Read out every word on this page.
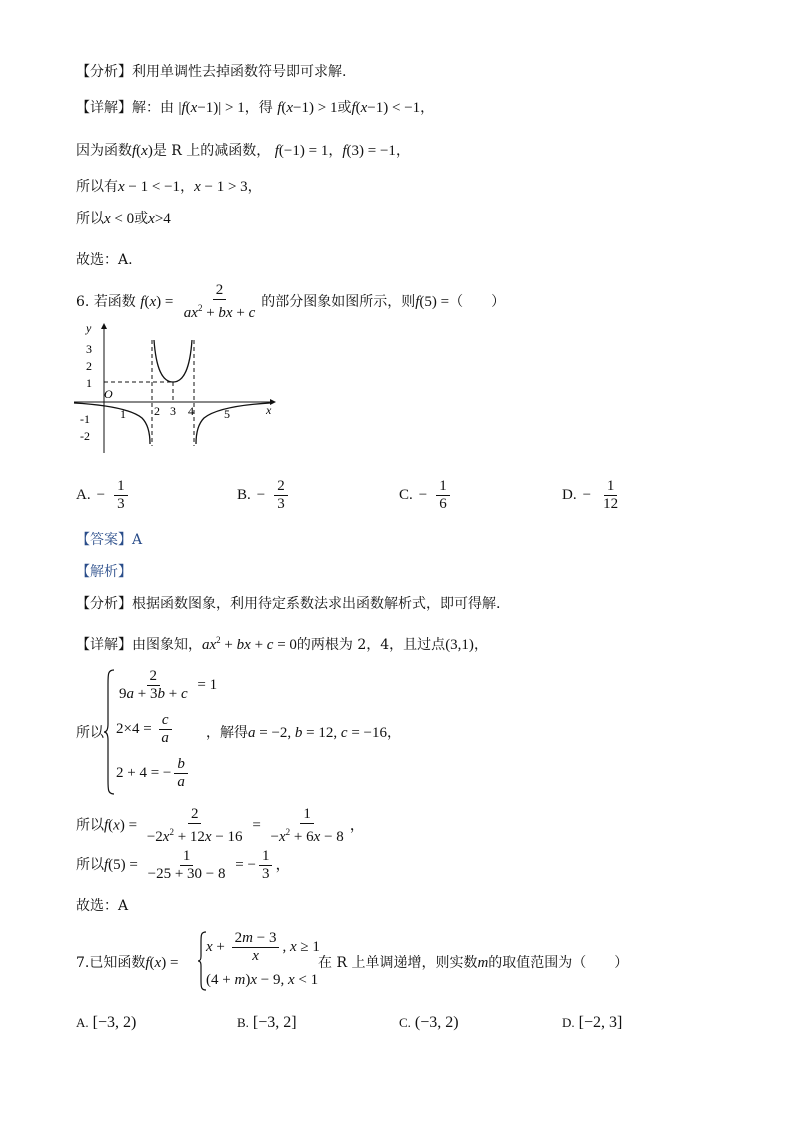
【分析】利用单调性去掉函数符号即可求解.
【详解】解：由 |f(x−1)| > 1，得 f(x−1) > 1或f(x−1) < −1，
因为函数f(x)是 R 上的减函数， f(−1) = 1，f(3) = −1，
所以有x − 1 < −1，x − 1 > 3，
所以x < 0或x>4
故选：A.
6. 若函数 $f(x) = \frac{2}{ax^2 + bx + c}$ 的部分图象如图所示，则f(5) =（　　）
y
x
O
3
2
1
-1
-2
1 2 3 4	5
A. −
1
3
B. −
2
3
C. −
1
6
D. −
1
12
【答案】A
【解析】
【分析】根据函数图象，利用待定系数法求出函数解析式，即可得解.
【详解】由图象知，$ax^2$ + bx + c = 0的两根为 2，4，且过点(3,1)，
所以
$\frac{2}{9a + 3b + c} = 1$
$2\times 4 = \frac{c}{a}$
2 + 4 = − $\frac{b}{a}$
，解得a = −2, b = 12, c = −16，
所以$f(x) = \frac{2}{-2x^2 + 12x - 16} = \frac{1}{-x^2 + 6x - 8}$ ，
所以$f(5) = \frac{1}{-25 + 30 - 8}$ = − $\frac{1}{3}$ ，
故选：A
7.已知函数f(x) =
$x + \frac{2m - 3}{x}$ , x ≥ 1
(4 + m)x − 9, x < 1
在 R 上单调递增，则实数m的取值范围为（　　）
A. [−3, 2)	B. [−3, 2]	C. (−3, 2)	D. [−2, 3]
